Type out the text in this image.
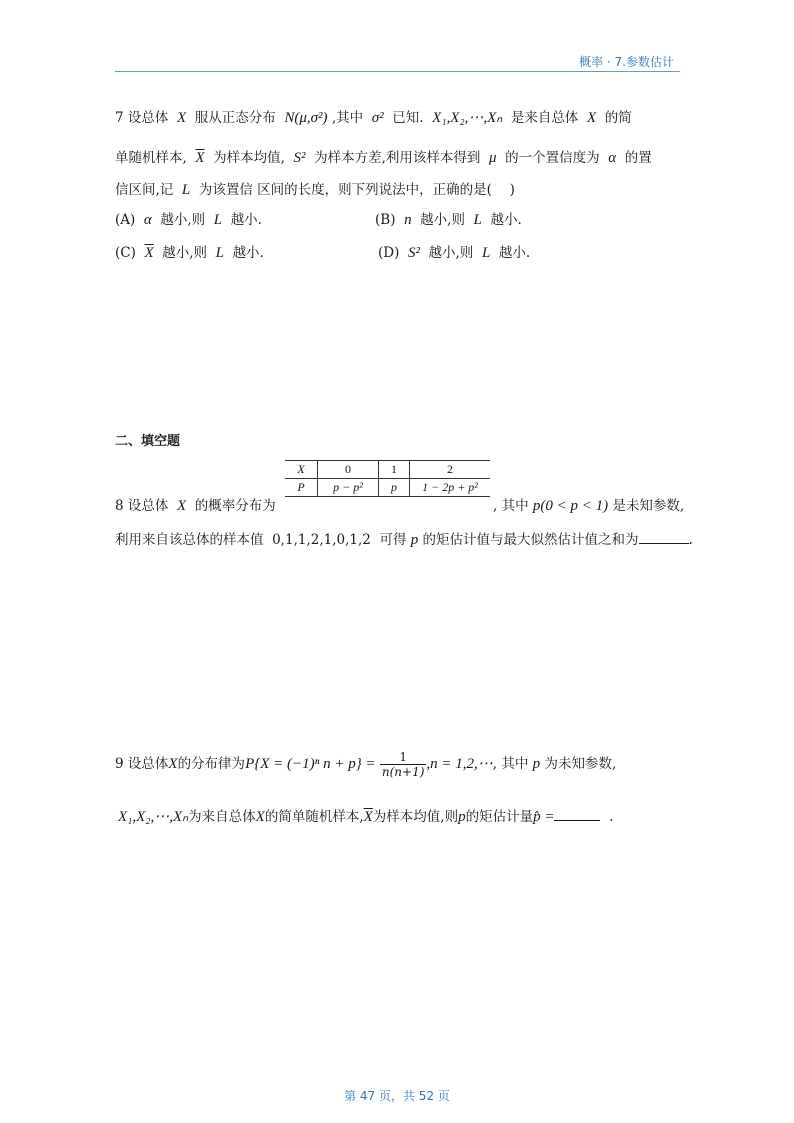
概率 · 7.参数估计
7 设总体 X 服从正态分布 N(μ,σ²) ,其中 σ² 已知. X₁,X₂,⋯,Xₙ 是来自总体 X 的简
单随机样本, $\overline{X}$ 为样本均值, S² 为样本方差,利用该样本得到 μ 的一个置信度为 α 的置
信区间,记 L 为该置信 区间的长度，则下列说法中，正确的是(　 )
(A) α 越小,则 L 越小.	(B) n 越小,则 L 越小.
(C) $\overline{X}$ 越小,则 L 越小.	(D) S² 越小,则 L 越小.
二、填空题
X	0	1	2
P	p − p²	p	1 − 2p + p²
8 设总体 X 的概率分布为	, 其中 p(0 < p < 1) 是未知参数,
利用来自该总体的样本值 0,1,1,2,1,0,1,2 可得 p 的矩估计值与最大似然估计值之和为	.
9 设总体X的分布律为P{X = (−1)ⁿ $n + p\} = \frac{1}{n(n+1)} ,n$ = 1,2,⋯, 其中 p 为未知参数,
X₁,X₂,⋯,Xₙ为来自总体X的简单随机样本$,\overline{X}$为样本均值,则p的矩估计量p̂ =	.
第 47 页，共 52 页
